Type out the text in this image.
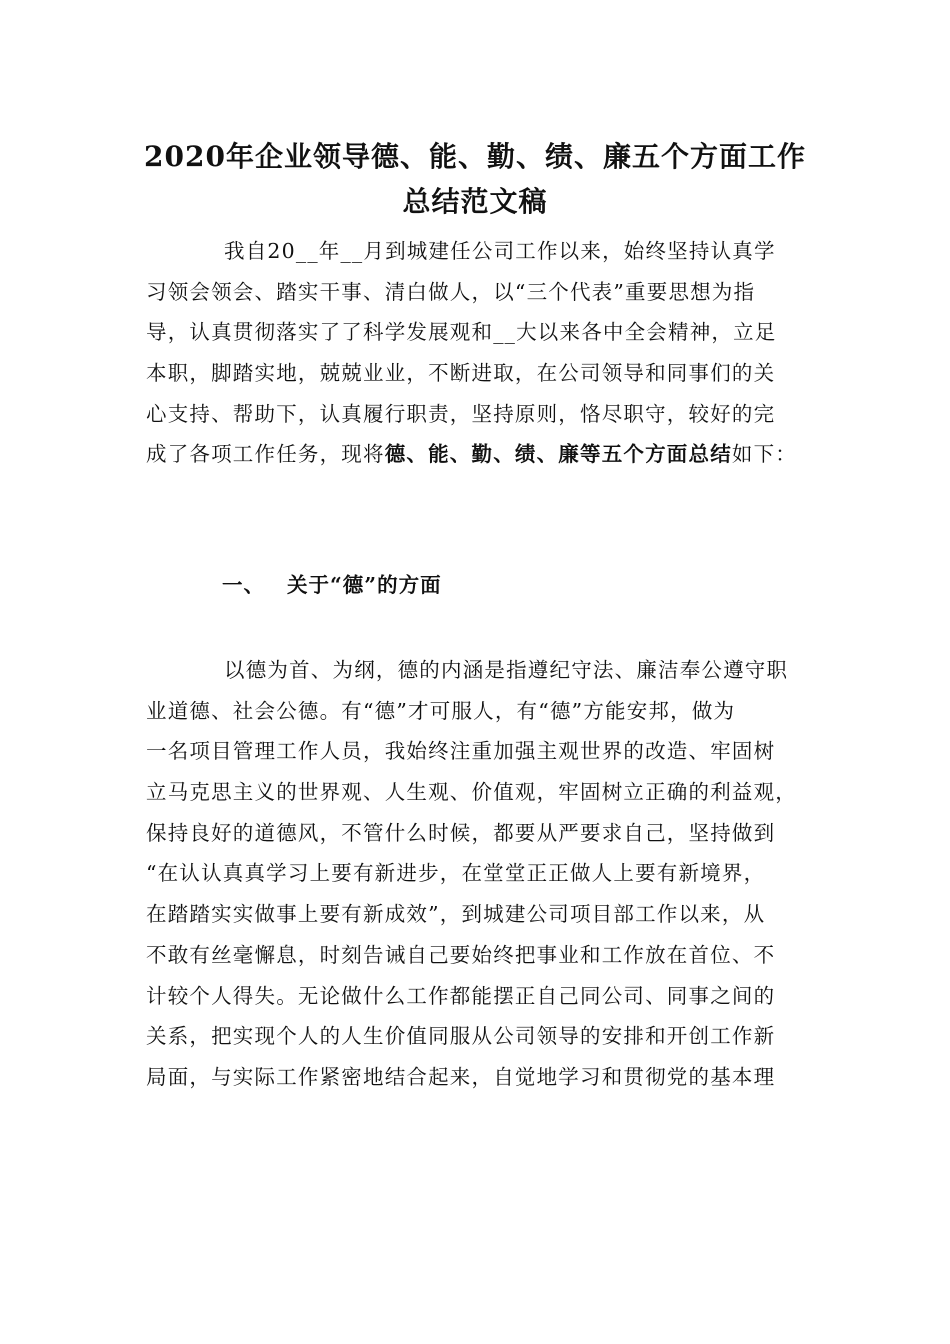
2020年企业领导德、能、勤、绩、廉五个方面工作
总结范文稿
我自20__年__月到城建任公司工作以来，始终坚持认真学
习领会领会、踏实干事、清白做人，以“三个代表”重要思想为指
导，认真贯彻落实了了科学发展观和__大以来各中全会精神，立足
本职，脚踏实地，兢兢业业，不断进取，在公司领导和同事们的关
心支持、帮助下，认真履行职责，坚持原则，恪尽职守，较好的完
成了各项工作任务，现将德、能、勤、绩、廉等五个方面总结如下：
一、 关于“德”的方面
以德为首、为纲，德的内涵是指遵纪守法、廉洁奉公遵守职
业道德、社会公德。有“德”才可服人，有“德”方能安邦，做为
一名项目管理工作人员，我始终注重加强主观世界的改造、牢固树
立马克思主义的世界观、人生观、价值观，牢固树立正确的利益观，
保持良好的道德风，不管什么时候，都要从严要求自己，坚持做到
“在认认真真学习上要有新进步，在堂堂正正做人上要有新境界，
在踏踏实实做事上要有新成效”，到城建公司项目部工作以来，从
不敢有丝毫懈息，时刻告诫自己要始终把事业和工作放在首位、不
计较个人得失。无论做什么工作都能摆正自己同公司、同事之间的
关系，把实现个人的人生价值同服从公司领导的安排和开创工作新
局面，与实际工作紧密地结合起来，自觉地学习和贯彻党的基本理
